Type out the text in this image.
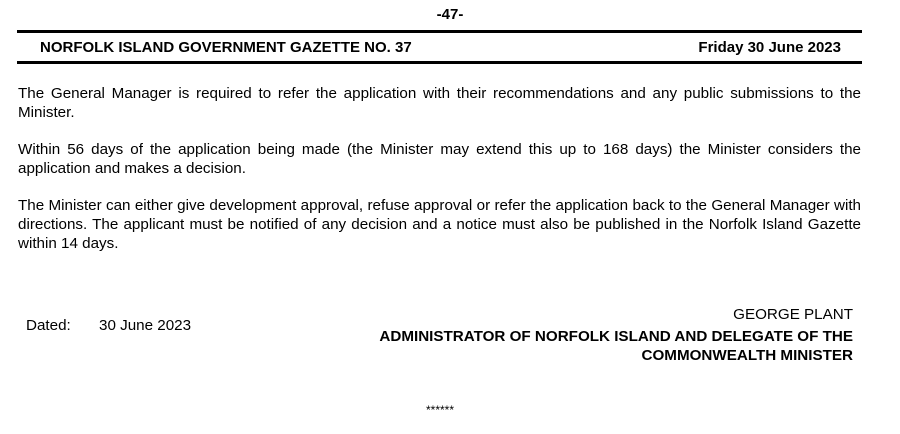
-47-
NORFOLK ISLAND GOVERNMENT GAZETTE NO. 37	Friday 30 June 2023

The General Manager is required to refer the application with their recommendations and any public submissions to the Minister.

Within 56 days of the application being made (the Minister may extend this up to 168 days) the Minister considers the application and makes a decision.

The Minister can either give development approval, refuse approval or refer the application back to the General Manager with directions. The applicant must be notified of any decision and a notice must also be published in the Norfolk Island Gazette within 14 days.

Dated: 30 June 2023
GEORGE PLANT
ADMINISTRATOR OF NORFOLK ISLAND AND DELEGATE OF THE
COMMONWEALTH MINISTER
******
